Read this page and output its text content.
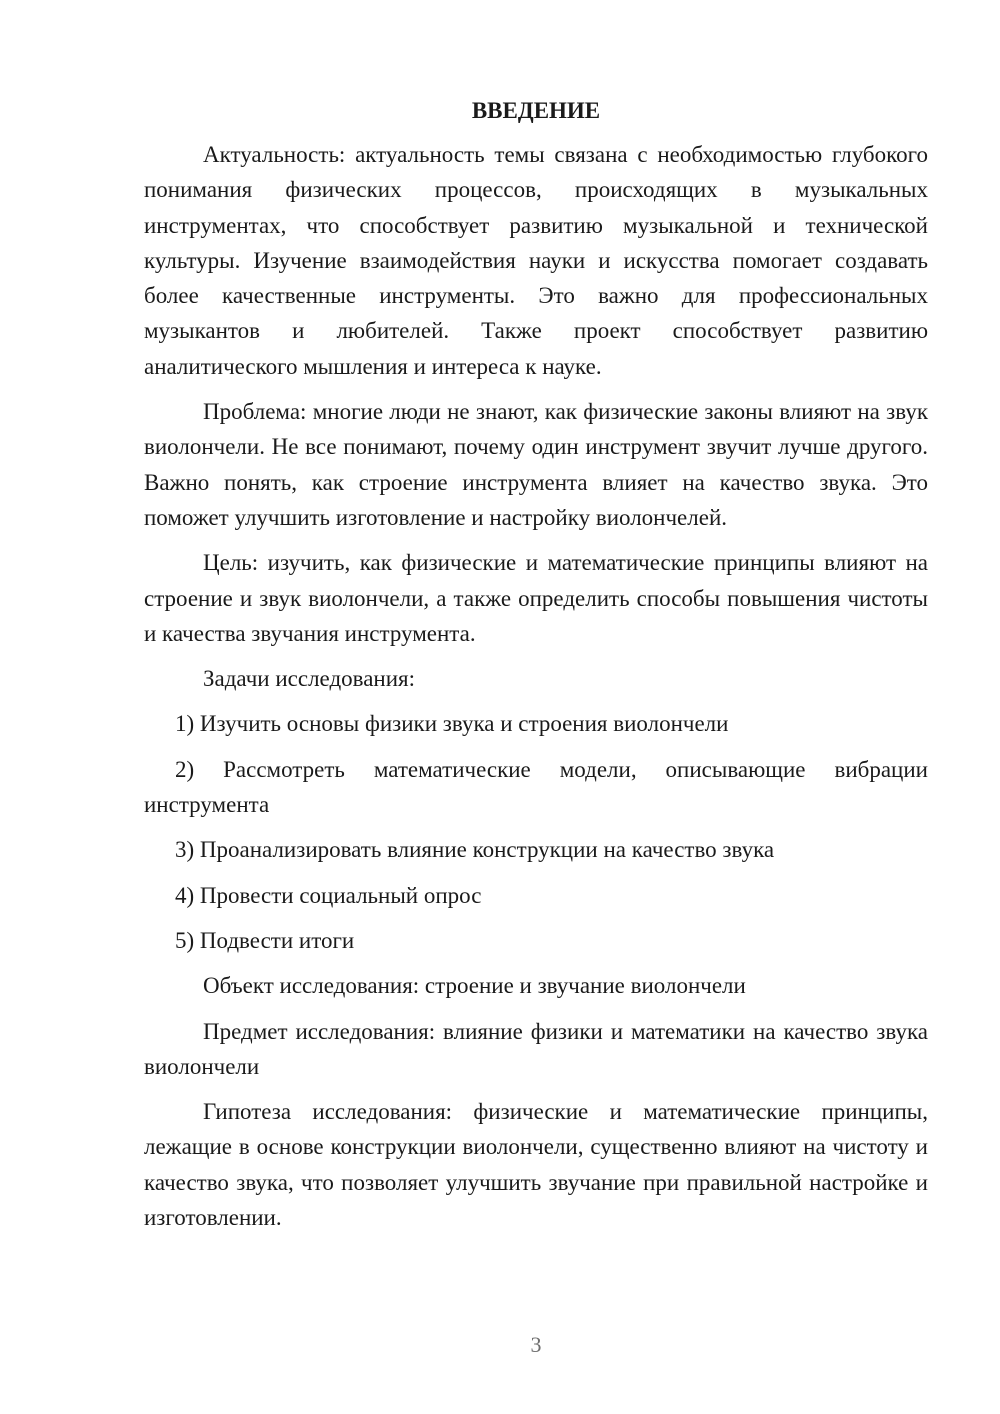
ВВЕДЕНИЕ

Актуальность: актуальность темы связана с необходимостью глубокого понимания физических процессов, происходящих в музыкальных инструментах, что способствует развитию музыкальной и технической культуры. Изучение взаимодействия науки и искусства помогает создавать более качественные инструменты. Это важно для профессиональных музыкантов и любителей. Также проект способствует развитию аналитического мышления и интереса к науке.

Проблема: многие люди не знают, как физические законы влияют на звук виолончели. Не все понимают, почему один инструмент звучит лучше другого. Важно понять, как строение инструмента влияет на качество звука. Это поможет улучшить изготовление и настройку виолончелей.

Цель: изучить, как физические и математические принципы влияют на строение и звук виолончели, а также определить способы повышения чистоты и качества звучания инструмента.

Задачи исследования:

1) Изучить основы физики звука и строения виолончели

2) Рассмотреть математические модели, описывающие вибрации инструмента

3) Проанализировать влияние конструкции на качество звука

4) Провести социальный опрос

5) Подвести итоги

Объект исследования: строение и звучание виолончели

Предмет исследования: влияние физики и математики на качество звука виолончели

Гипотеза исследования: физические и математические принципы, лежащие в основе конструкции виолончели, существенно влияют на чистоту и качество звука, что позволяет улучшить звучание при правильной настройке и изготовлении.

3
